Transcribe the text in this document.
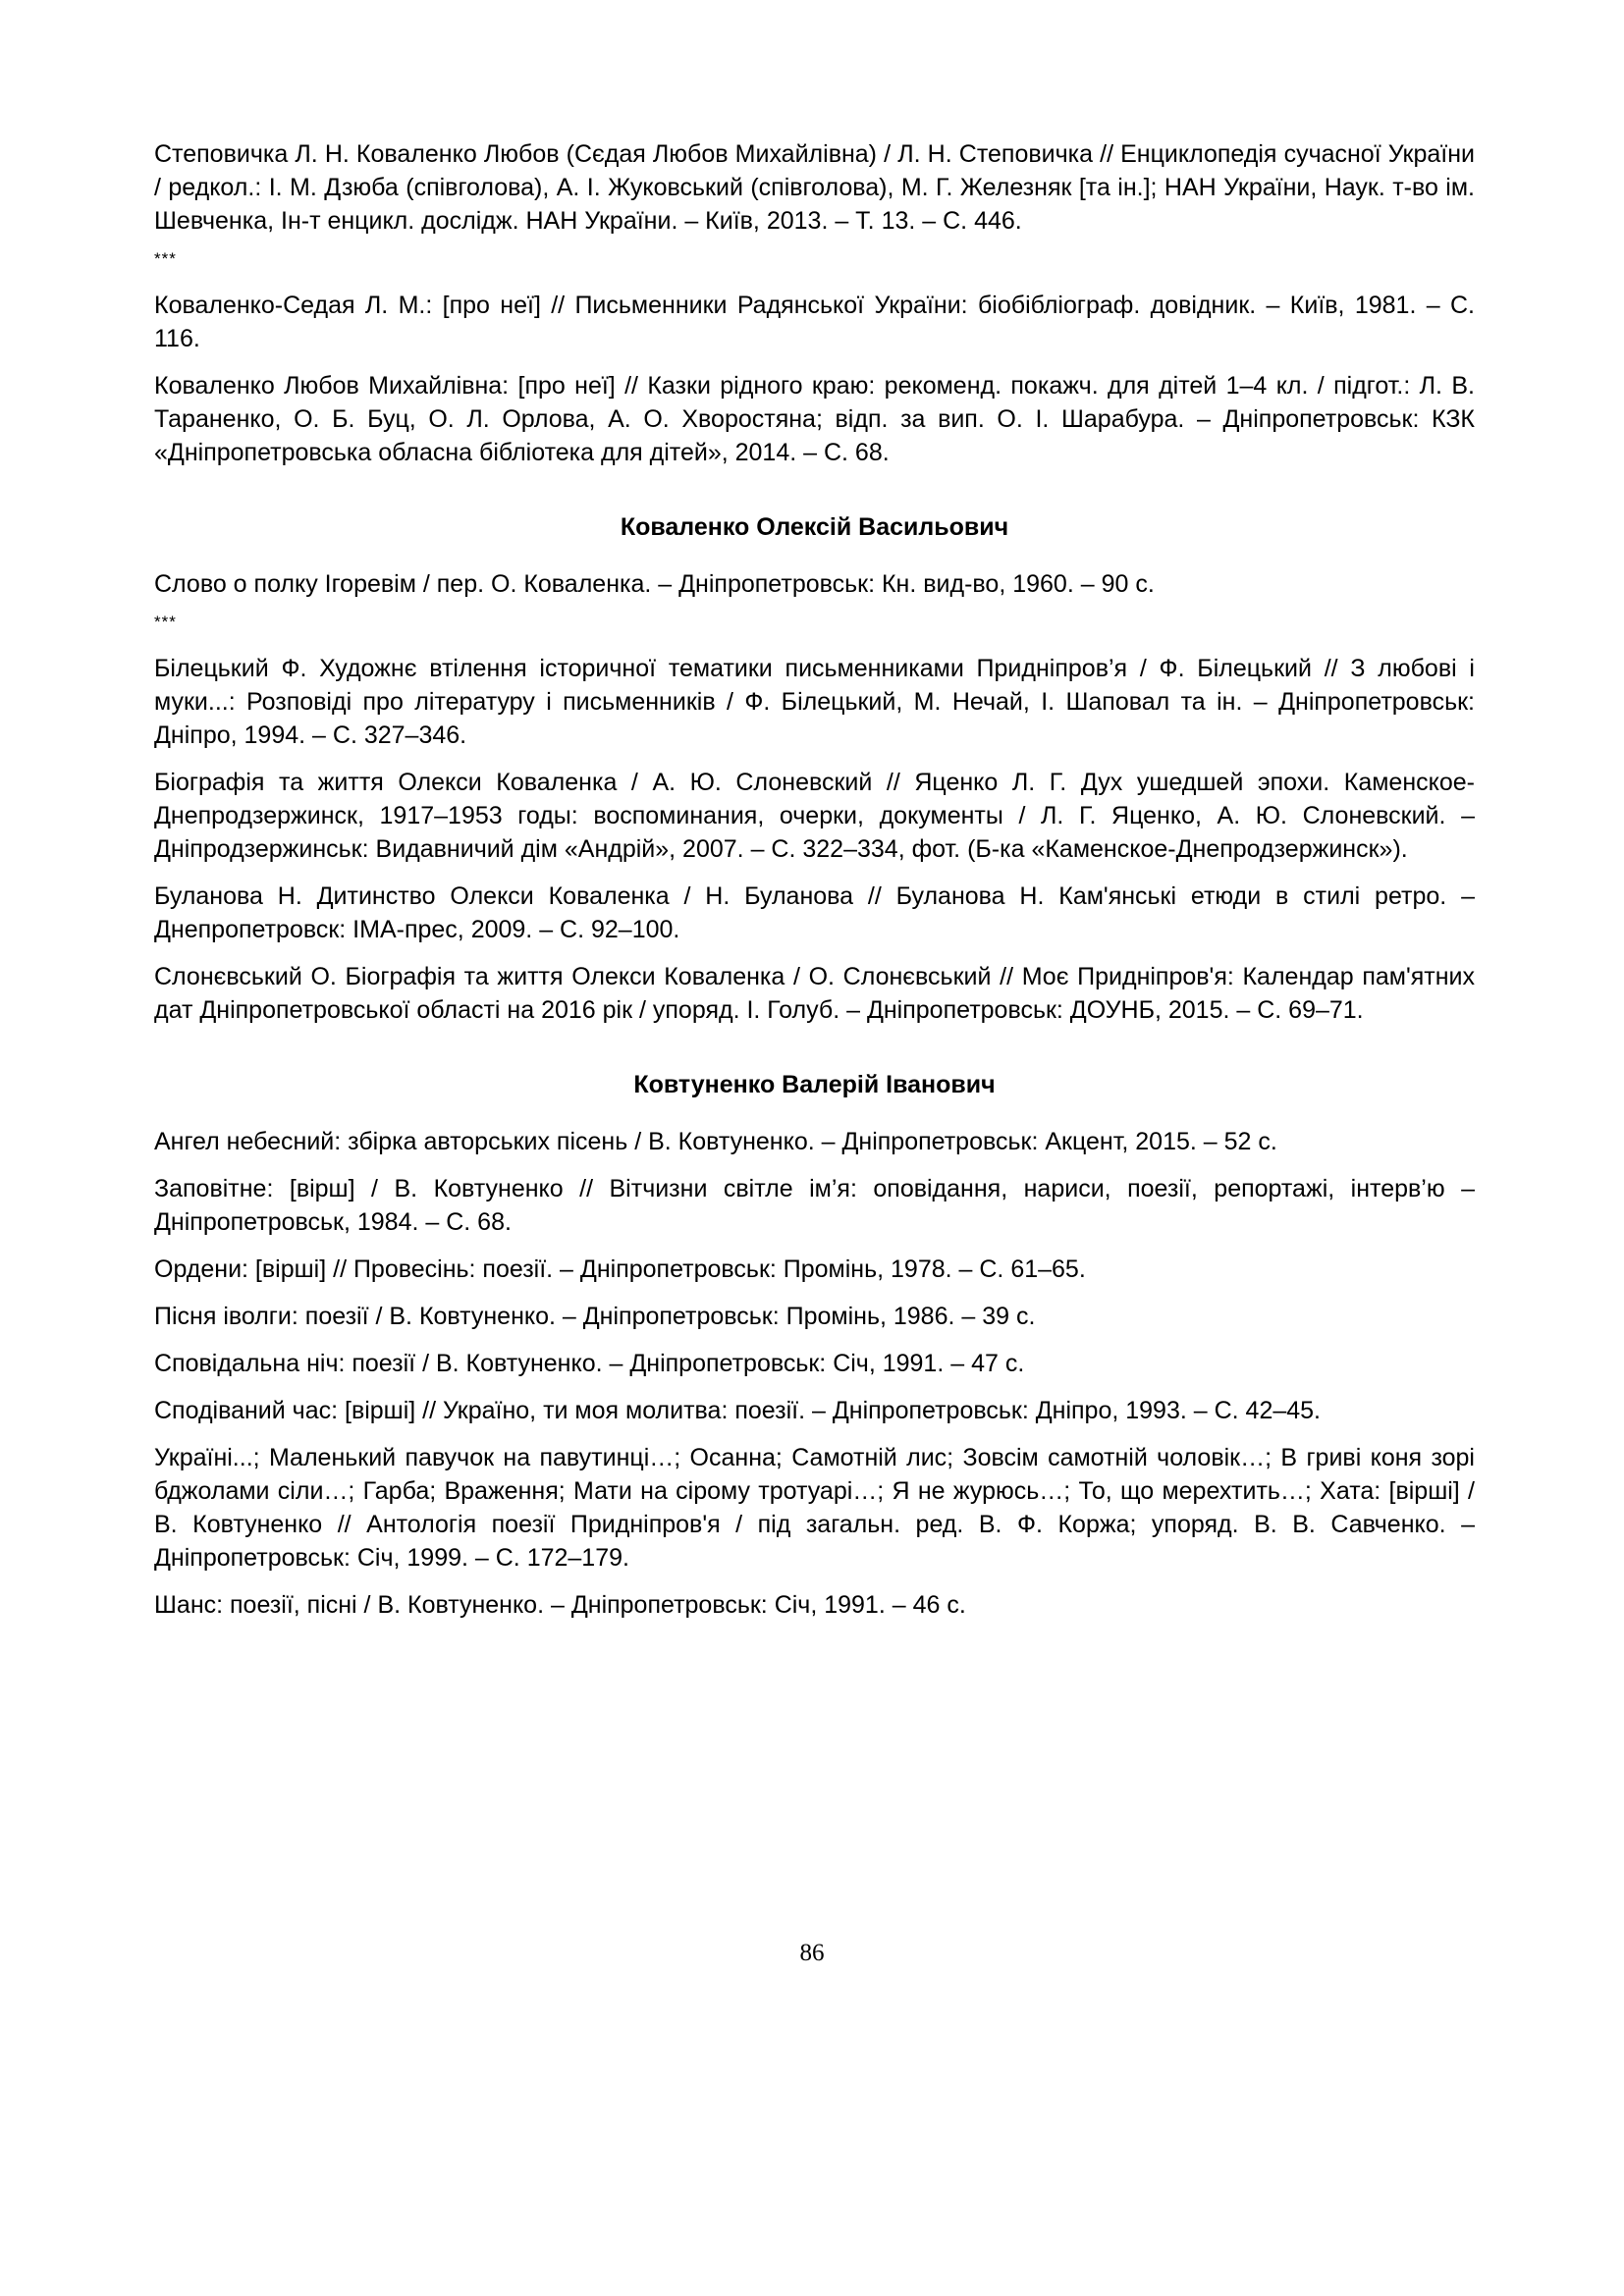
Степовичка Л. Н. Коваленко Любов (Сєдая Любов Михайлівна) / Л. Н. Степовичка // Енциклопедія сучасної України / редкол.: І. М. Дзюба (співголова), А. І. Жуковський (співголова), М. Г. Железняк [та ін.]; НАН України, Наук. т-во ім. Шевченка, Ін-т енцикл. дослідж. НАН України. – Київ, 2013. – Т. 13. – С. 446.

***

Коваленко-Седая Л. М.: [про неї] // Письменники Радянської України: біобібліограф. довідник. – Київ, 1981. – С. 116.

Коваленко Любов Михайлівна: [про неї] // Казки рідного краю: рекоменд. покажч. для дітей 1–4 кл. / підгот.: Л. В. Тараненко, О. Б. Буц, О. Л. Орлова, А. О. Хворостяна; відп. за вип. О. І. Шарабура. – Дніпропетровськ: КЗК «Дніпропетровська обласна бібліотека для дітей», 2014. – С. 68.

Коваленко Олексій Васильович

Слово о полку Ігоревім / пер. О. Коваленка. – Дніпропетровськ: Кн. вид-во, 1960. – 90 с.

***

Білецький Ф. Художнє втілення історичної тематики письменниками Придніпров’я / Ф. Білецький // З любові і муки...: Розповіді про літературу і письменників / Ф. Білецький, М. Нечай, І. Шаповал та ін. – Дніпропетровськ: Дніпро, 1994. – С. 327–346.

Біографія та життя Олекси Коваленка / А. Ю. Слоневский // Яценко Л. Г. Дух ушедшей эпохи. Каменское-Днепродзержинск, 1917–1953 годы: воспоминания, очерки, документы / Л. Г. Яценко, А. Ю. Слоневский. – Дніпродзержинськ: Видавничий дім «Андрій», 2007. – С. 322–334, фот. (Б-ка «Каменское-Днепродзержинск»).

Буланова Н. Дитинство Олекси Коваленка / Н. Буланова // Буланова Н. Кам'янські етюди в стилі ретро. – Днепропетровск: ІМА-прес, 2009. – С. 92–100.

Слонєвський О. Біографія та життя Олекси Коваленка / О. Слонєвський // Моє Придніпров'я: Календар пам'ятних дат Дніпропетровської області на 2016 рік / упоряд. І. Голуб. – Дніпропетровськ: ДОУНБ, 2015. – С. 69–71.

Ковтуненко Валерій Іванович

Ангел небесний: збірка авторських пісень / В. Ковтуненко. – Дніпропетровськ: Акцент, 2015. – 52 с.

Заповітне: [вірш] / В. Ковтуненко // Вітчизни світле ім’я: оповідання, нариси, поезії, репортажі, інтерв’ю – Дніпропетровськ, 1984. – С. 68.

Ордени: [вірші] // Провесінь: поезії. – Дніпропетровськ: Промінь, 1978. – С. 61–65.

Пісня іволги: поезії / В. Ковтуненко. – Дніпропетровськ: Промінь, 1986. – 39 с.

Сповідальна ніч: поезії / В. Ковтуненко. – Дніпропетровськ: Січ, 1991. – 47 с.

Сподіваний час: [вірші] // Україно, ти моя молитва: поезії. – Дніпропетровськ: Дніпро, 1993. – С. 42–45.

Україні...; Маленький павучок на павутинці…; Осанна; Самотній лис; Зовсім самотній чоловік…; В гриві коня зорі бджолами сіли…; Гарба; Враження; Мати на сірому тротуарі…; Я не журюсь…; То, що мерехтить…; Хата: [вірші] / В. Ковтуненко // Антологія поезії Придніпров'я / під загальн. ред. В. Ф. Коржа; упоряд. В. В. Савченко. – Дніпропетровськ: Січ, 1999. – С. 172–179.

Шанс: поезії, пісні / В. Ковтуненко. – Дніпропетровськ: Січ, 1991. – 46 с.

86
